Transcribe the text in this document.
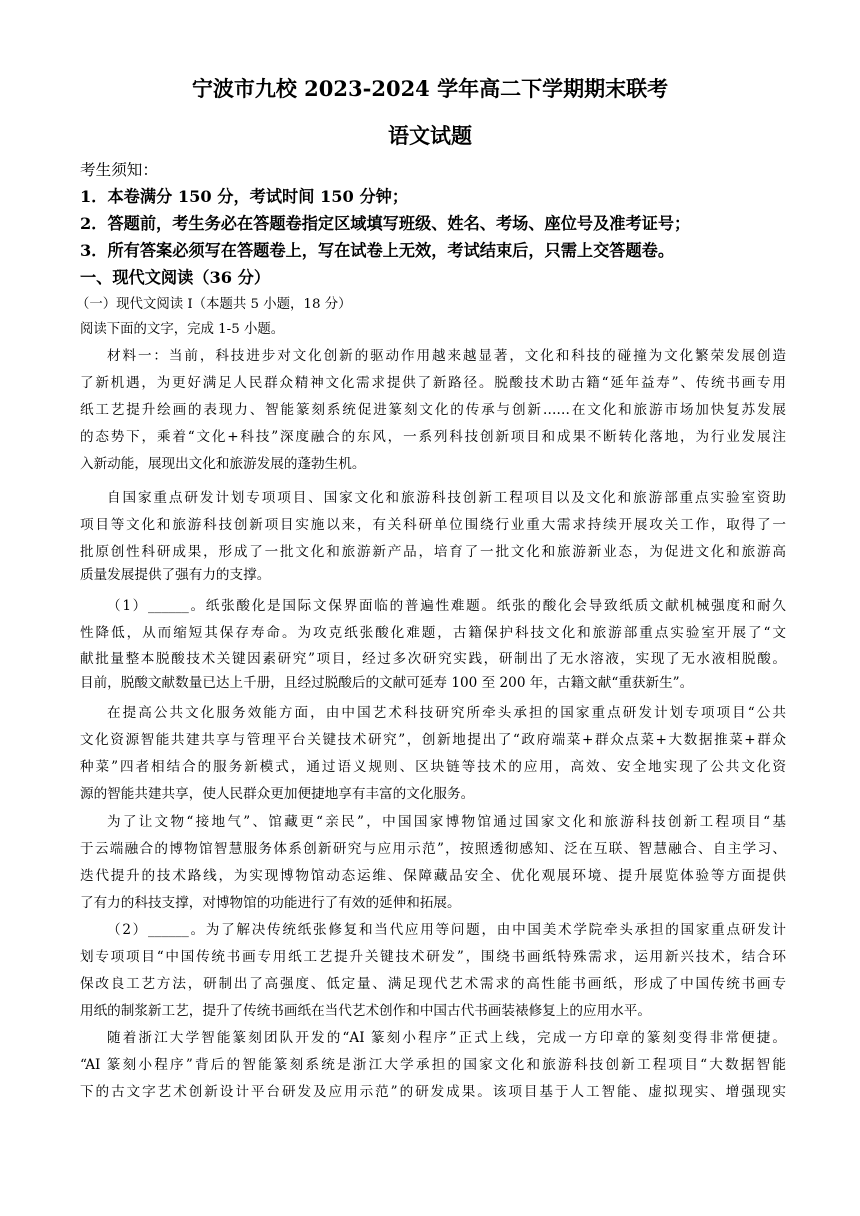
宁波市九校 2023-2024 学年高二下学期期末联考
语文试题
考生须知：
1．本卷满分 150 分，考试时间 150 分钟；
2．答题前，考生务必在答题卷指定区域填写班级、姓名、考场、座位号及准考证号；
3．所有答案必须写在答题卷上，写在试卷上无效，考试结束后，只需上交答题卷。
一、现代文阅读（36 分）
（一）现代文阅读 I（本题共 5 小题，18 分）
阅读下面的文字，完成 1-5 小题。
材料一：当前，科技进步对文化创新的驱动作用越来越显著，文化和科技的碰撞为文化繁荣发展创造
了新机遇，为更好满足人民群众精神文化需求提供了新路径。脱酸技术助古籍“延年益寿”、传统书画专用
纸工艺提升绘画的表现力、智能篆刻系统促进篆刻文化的传承与创新……在文化和旅游市场加快复苏发展
的态势下，乘着“文化+科技”深度融合的东风，一系列科技创新项目和成果不断转化落地，为行业发展注
入新动能，展现出文化和旅游发展的蓬勃生机。
自国家重点研发计划专项项目、国家文化和旅游科技创新工程项目以及文化和旅游部重点实验室资助
项目等文化和旅游科技创新项目实施以来，有关科研单位围绕行业重大需求持续开展攻关工作，取得了一
批原创性科研成果，形成了一批文化和旅游新产品，培育了一批文化和旅游新业态，为促进文化和旅游高
质量发展提供了强有力的支撑。
（1）______。纸张酸化是国际文保界面临的普遍性难题。纸张的酸化会导致纸质文献机械强度和耐久
性降低，从而缩短其保存寿命。为攻克纸张酸化难题，古籍保护科技文化和旅游部重点实验室开展了“文
献批量整本脱酸技术关键因素研究”项目，经过多次研究实践，研制出了无水溶液，实现了无水液相脱酸。
目前，脱酸文献数量已达上千册，且经过脱酸后的文献可延寿 100 至 200 年，古籍文献“重获新生”。
在提高公共文化服务效能方面，由中国艺术科技研究所牵头承担的国家重点研发计划专项项目“公共
文化资源智能共建共享与管理平台关键技术研究”，创新地提出了“政府端菜+群众点菜+大数据推菜+群众
种菜”四者相结合的服务新模式，通过语义规则、区块链等技术的应用，高效、安全地实现了公共文化资
源的智能共建共享，使人民群众更加便捷地享有丰富的文化服务。
为了让文物“接地气”、馆藏更“亲民”，中国国家博物馆通过国家文化和旅游科技创新工程项目“基
于云端融合的博物馆智慧服务体系创新研究与应用示范”，按照透彻感知、泛在互联、智慧融合、自主学习、
迭代提升的技术路线，为实现博物馆动态运维、保障藏品安全、优化观展环境、提升展览体验等方面提供
了有力的科技支撑，对博物馆的功能进行了有效的延伸和拓展。
（2）______。为了解决传统纸张修复和当代应用等问题，由中国美术学院牵头承担的国家重点研发计
划专项项目“中国传统书画专用纸工艺提升关键技术研发”，围绕书画纸特殊需求，运用新兴技术，结合环
保改良工艺方法，研制出了高强度、低定量、满足现代艺术需求的高性能书画纸，形成了中国传统书画专
用纸的制浆新工艺，提升了传统书画纸在当代艺术创作和中国古代书画装裱修复上的应用水平。
随着浙江大学智能篆刻团队开发的“AI 篆刻小程序”正式上线，完成一方印章的篆刻变得非常便捷。
“AI 篆刻小程序”背后的智能篆刻系统是浙江大学承担的国家文化和旅游科技创新工程项目“大数据智能
下的古文字艺术创新设计平台研发及应用示范”的研发成果。该项目基于人工智能、虚拟现实、增强现实
